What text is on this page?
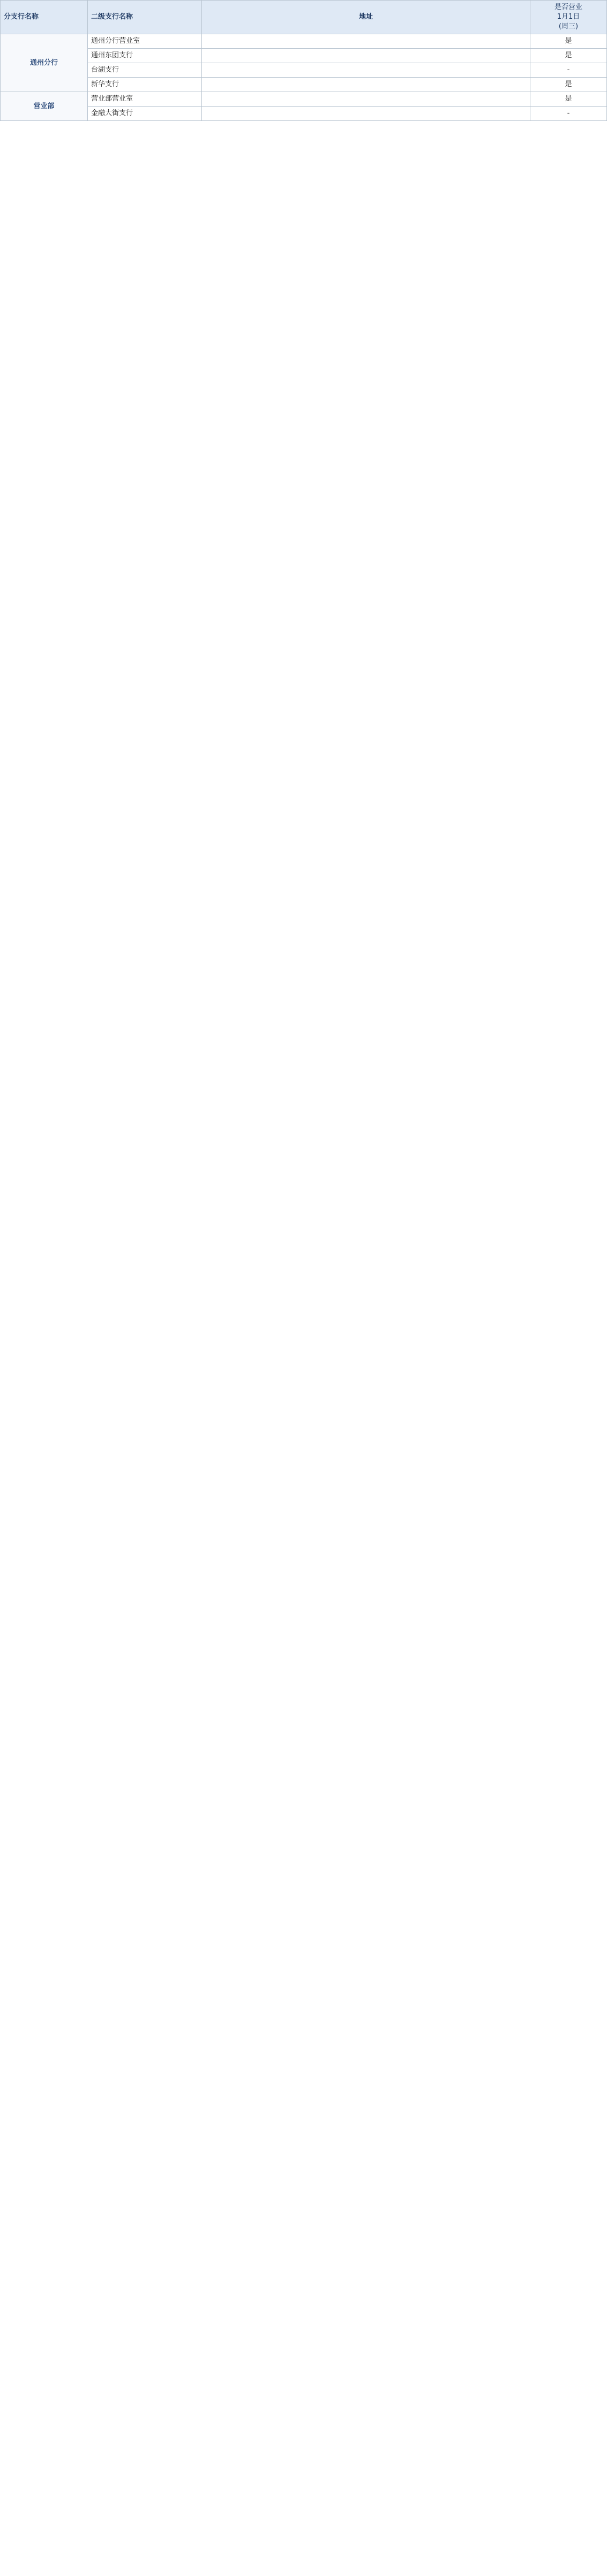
分支行名称	二级支行名称	地址	是否营业
1月1日
(周三)

通州分行	通州分行营业室		是
	通州东团支行		是
	台湖支行		-
	新华支行		是
营业部	营业部营业室		是
	金融大街支行		-
